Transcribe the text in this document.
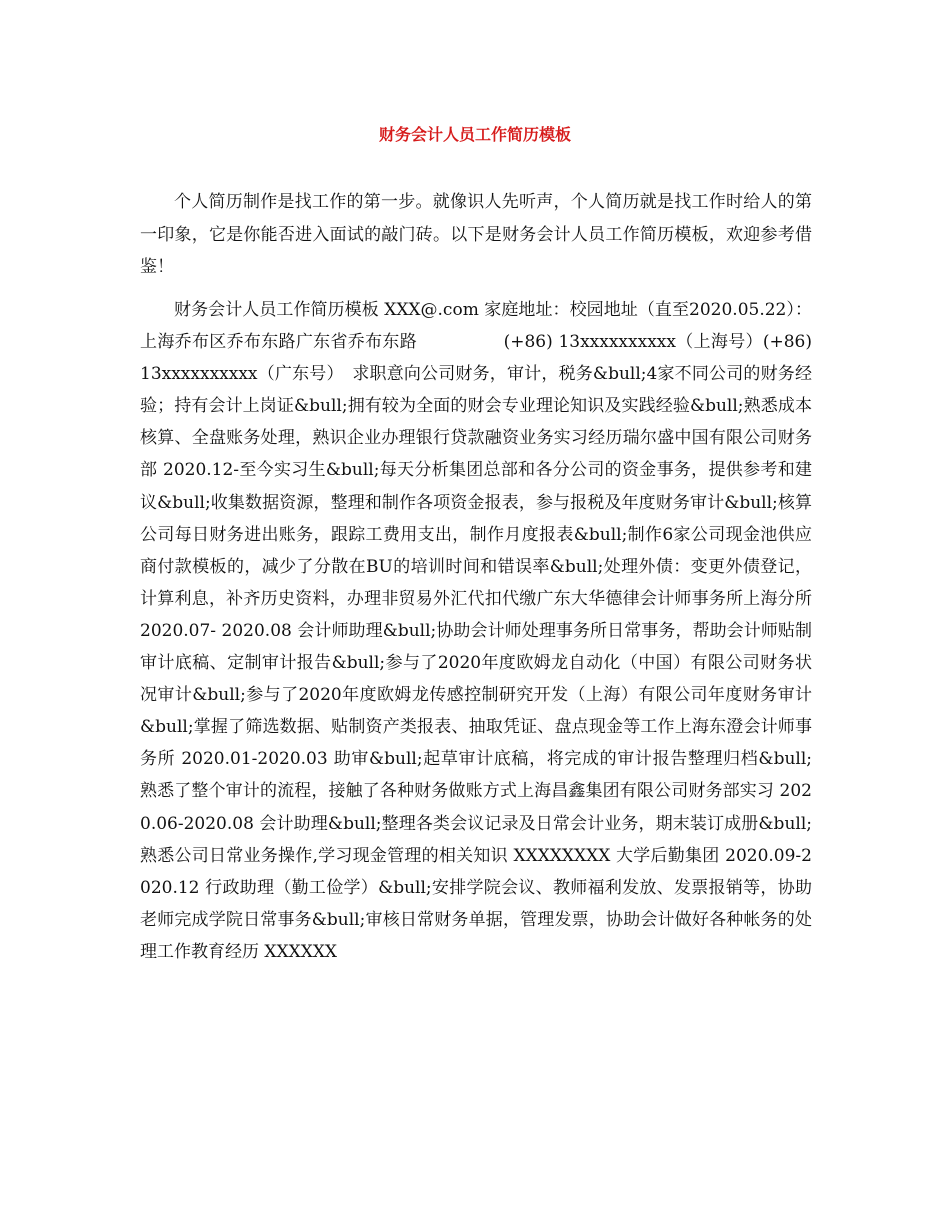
财务会计人员工作简历模板

个人简历制作是找工作的第一步。就像识人先听声，个人简历就是找工作时给人的第一印象，它是你能否进入面试的敲门砖。以下是财务会计人员工作简历模板，欢迎参考借鉴！

财务会计人员工作简历模板 XXX@.com 家庭地址：校园地址（直至2020.05.22）：上海乔布区乔布东路广东省乔布东路　　　　　(+86) 13xxxxxxxxxx（上海号）(+86) 13xxxxxxxxxx（广东号）　求职意向公司财务，审计，税务&bull;4家不同公司的财务经验；持有会计上岗证&bull;拥有较为全面的财会专业理论知识及实践经验&bull;熟悉成本核算、全盘账务处理，熟识企业办理银行贷款融资业务实习经历瑞尔盛中国有限公司财务部 2020.12-至今实习生&bull;每天分析集团总部和各分公司的资金事务，提供参考和建议&bull;收集数据资源，整理和制作各项资金报表，参与报税及年度财务审计&bull;核算公司每日财务进出账务，跟踪工费用支出，制作月度报表&bull;制作6家公司现金池供应商付款模板的，减少了分散在BU的培训时间和错误率&bull;处理外债：变更外债登记，计算利息，补齐历史资料，办理非贸易外汇代扣代缴广东大华德律会计师事务所上海分所 2020.07- 2020.08 会计师助理&bull;协助会计师处理事务所日常事务，帮助会计师贴制审计底稿、定制审计报告&bull;参与了2020年度欧姆龙自动化（中国）有限公司财务状况审计&bull;参与了2020年度欧姆龙传感控制研究开发（上海）有限公司年度财务审计&bull;掌握了筛选数据、贴制资产类报表、抽取凭证、盘点现金等工作上海东澄会计师事务所 2020.01-2020.03 助审&bull;起草审计底稿，将完成的审计报告整理归档&bull;熟悉了整个审计的流程，接触了各种财务做账方式上海昌鑫集团有限公司财务部实习 2020.06-2020.08 会计助理&bull;整理各类会议记录及日常会计业务，期末装订成册&bull;熟悉公司日常业务操作,学习现金管理的相关知识 XXXXXXXX 大学后勤集团 2020.09-2020.12 行政助理（勤工俭学）&bull;安排学院会议、教师福利发放、发票报销等，协助老师完成学院日常事务&bull;审核日常财务单据，管理发票，协助会计做好各种帐务的处理工作教育经历 XXXXXX
